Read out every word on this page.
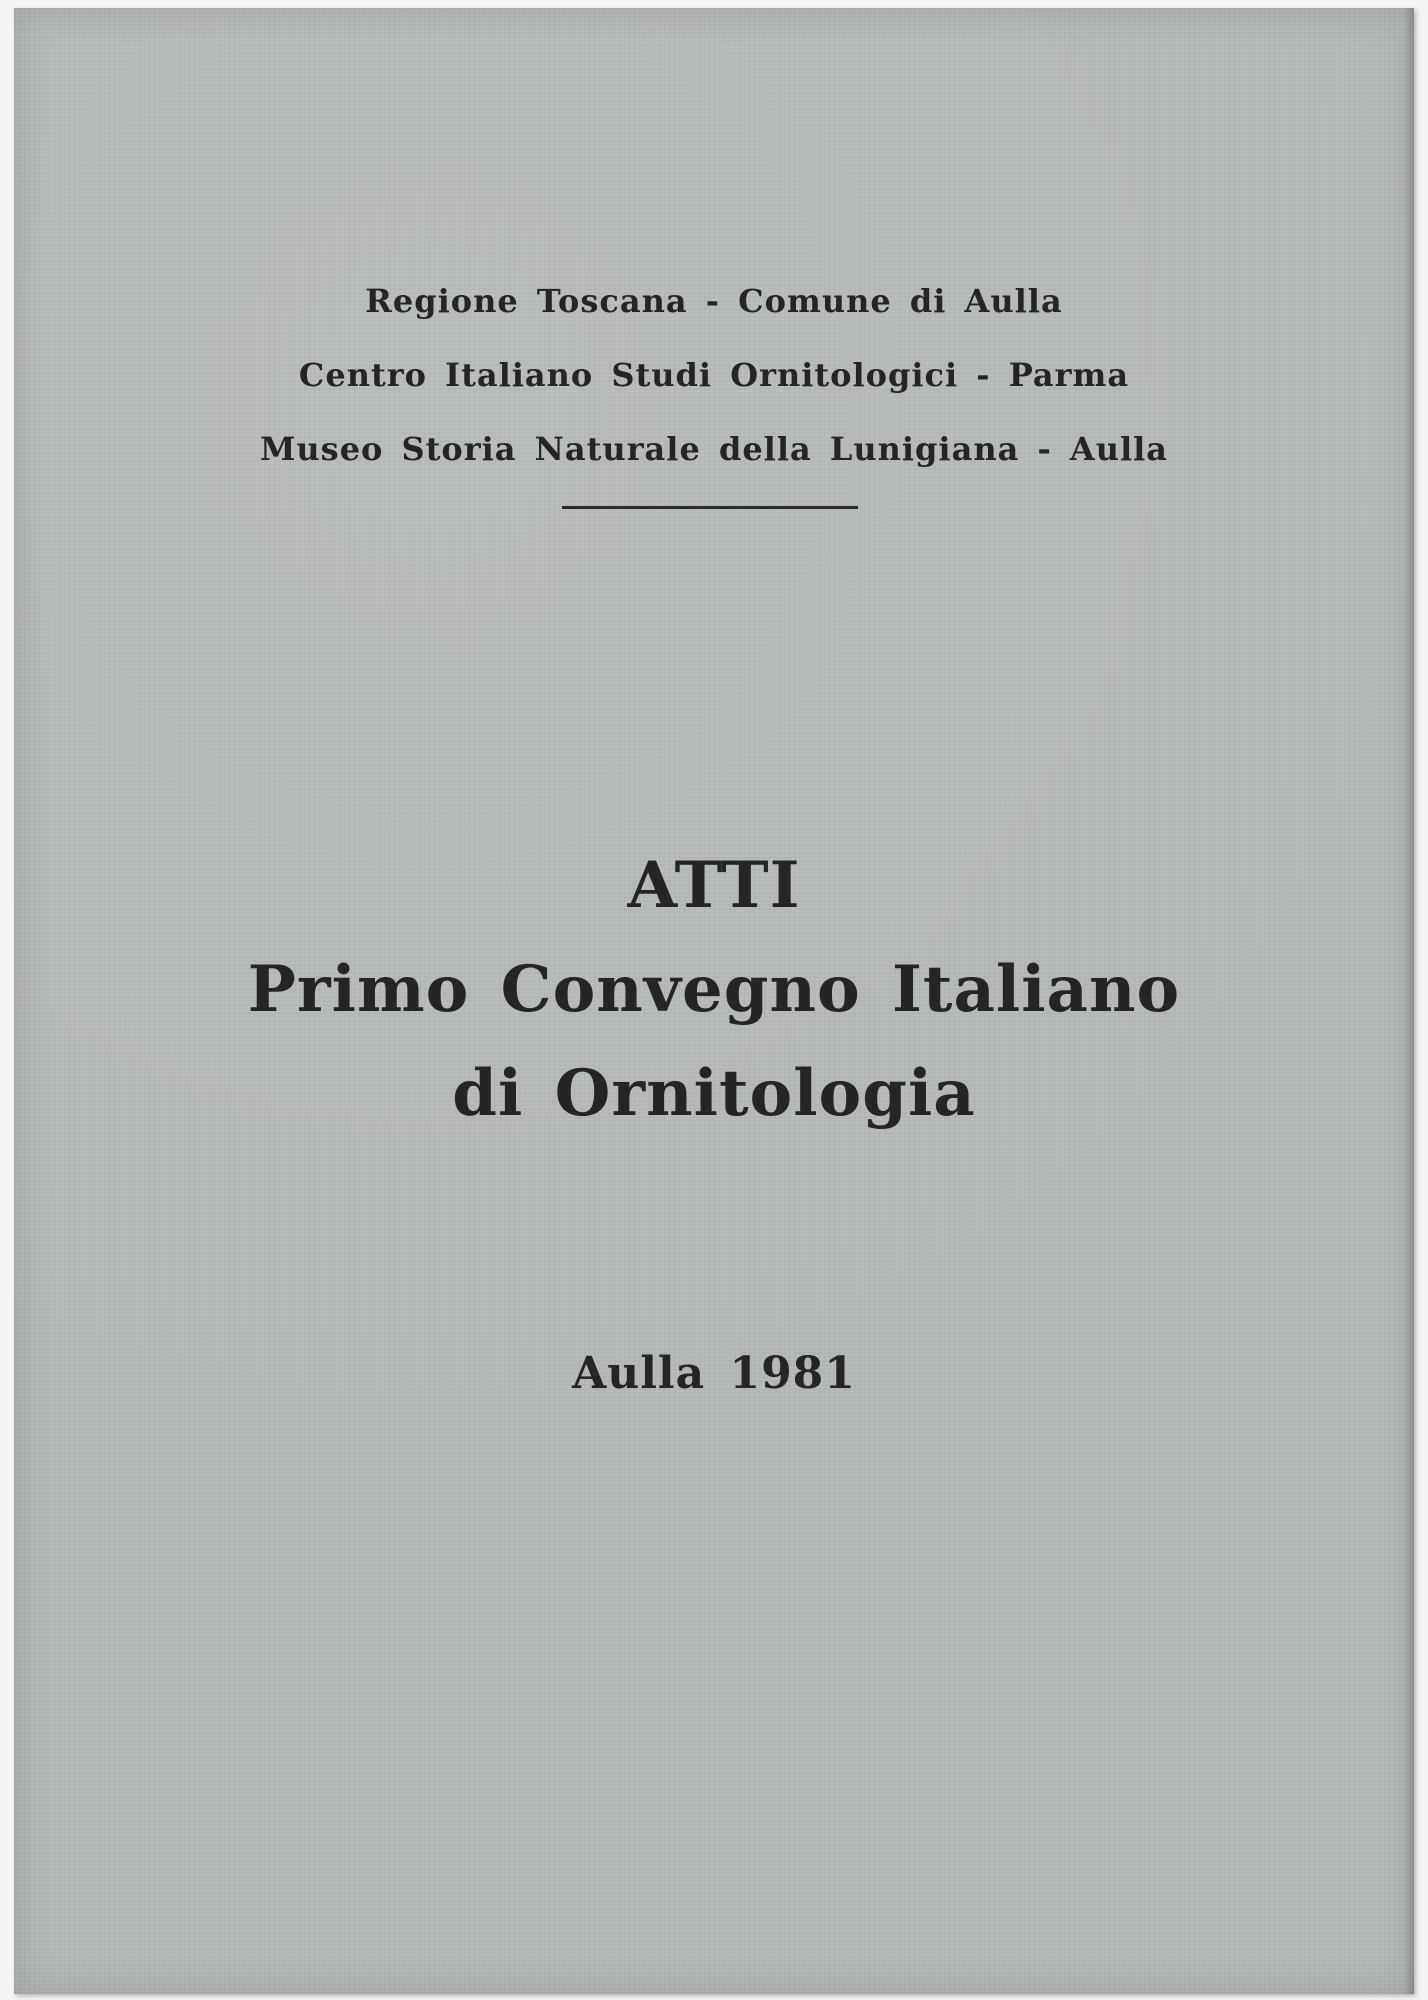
Regione Toscana - Comune di Aulla
Centro Italiano Studi Ornitologici - Parma
Museo Storia Naturale della Lunigiana - Aulla
ATTI
Primo Convegno Italiano
di Ornitologia
Aulla 1981
